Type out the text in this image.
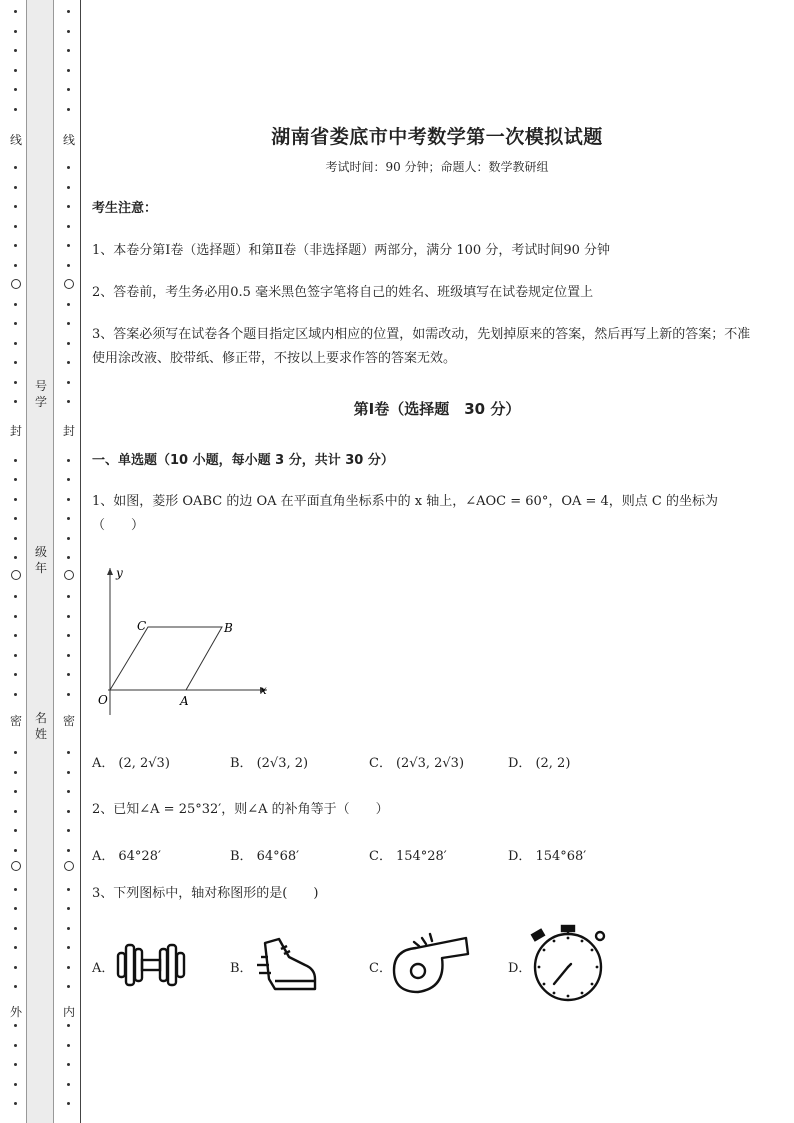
线
封
密
外
线
封
密
内
号
学
级
年
名
姓
湖南省娄底市中考数学第一次模拟试题
考试时间：90 分钟；命题人：数学教研组
考生注意：
1、本卷分第Ⅰ卷（选择题）和第Ⅱ卷（非选择题）两部分，满分 100 分，考试时间90 分钟
2、答卷前，考生务必用0.5 毫米黑色签字笔将自己的姓名、班级填写在试卷规定位置上
3、答案必须写在试卷各个题目指定区域内相应的位置，如需改动，先划掉原来的答案，然后再写上新的答案；不准使用涂改液、胶带纸、修正带，不按以上要求作答的答案无效。
第Ⅰ卷（选择题　30 分）
一、单选题（10 小题，每小题 3 分，共计 30 分）
1、如图，菱形 OABC 的边 OA 在平面直角坐标系中的 x 轴上，∠AOC = 60°，OA = 4，则点 C 的坐标为（　　）
y
x
O	A
B
C
A． (2, 2√3)	B． (2√3, 2)	C． (2√3, 2√3)	D． (2, 2)
2、已知∠A = 25°32′，则∠A 的补角等于（　　）
A． 64°28′	B． 64°68′	C． 154°28′	D． 154°68′
3、下列图标中，轴对称图形的是(　　)
A．	B．	C．	D．
